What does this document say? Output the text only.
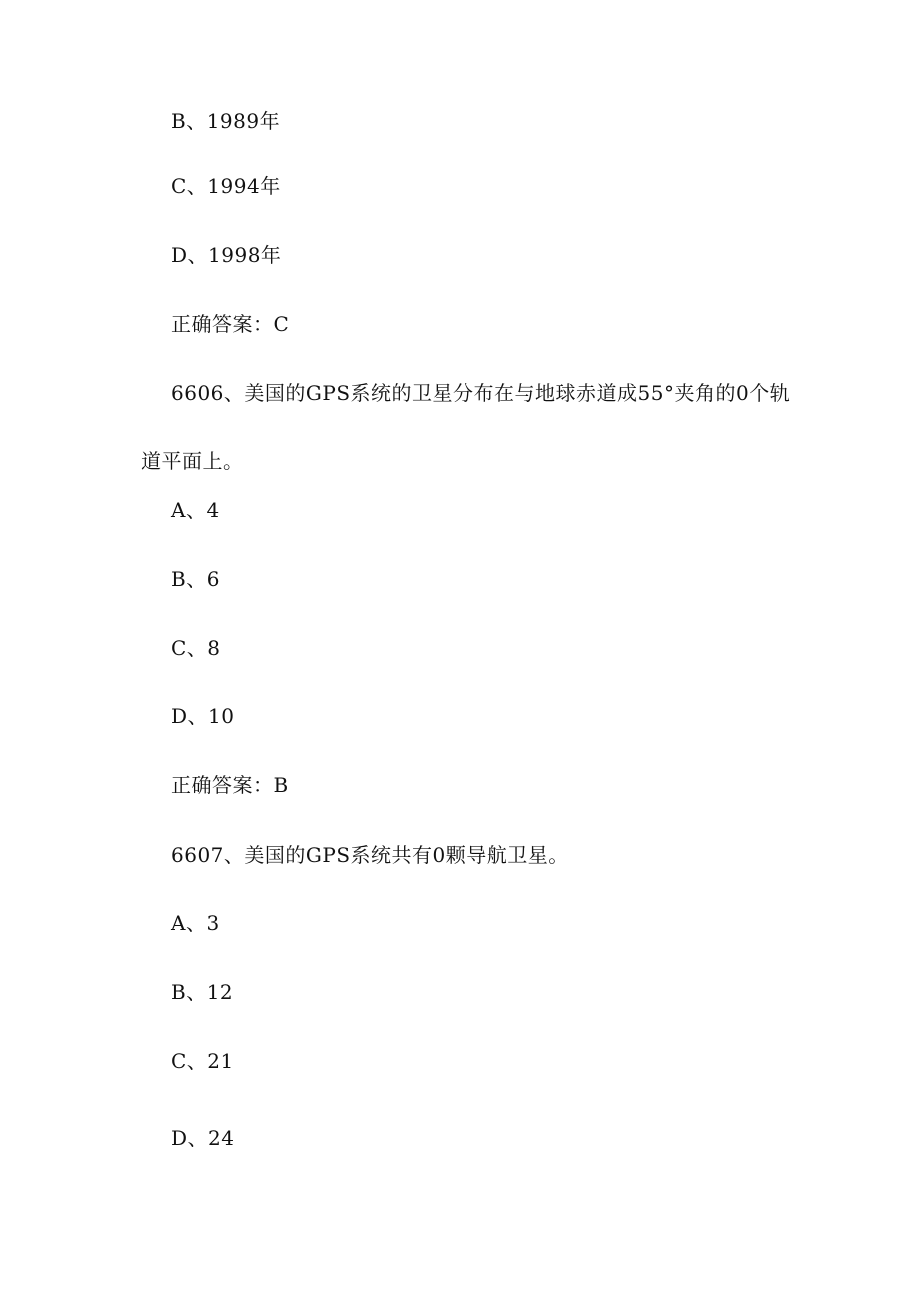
B、1989年
C、1994年
D、1998年
正确答案：C
6606、美国的GPS系统的卫星分布在与地球赤道成55°夹角的0个轨道平面上。
A、4
B、6
C、8
D、10
正确答案：B
6607、美国的GPS系统共有0颗导航卫星。
A、3
B、12
C、21
D、24
